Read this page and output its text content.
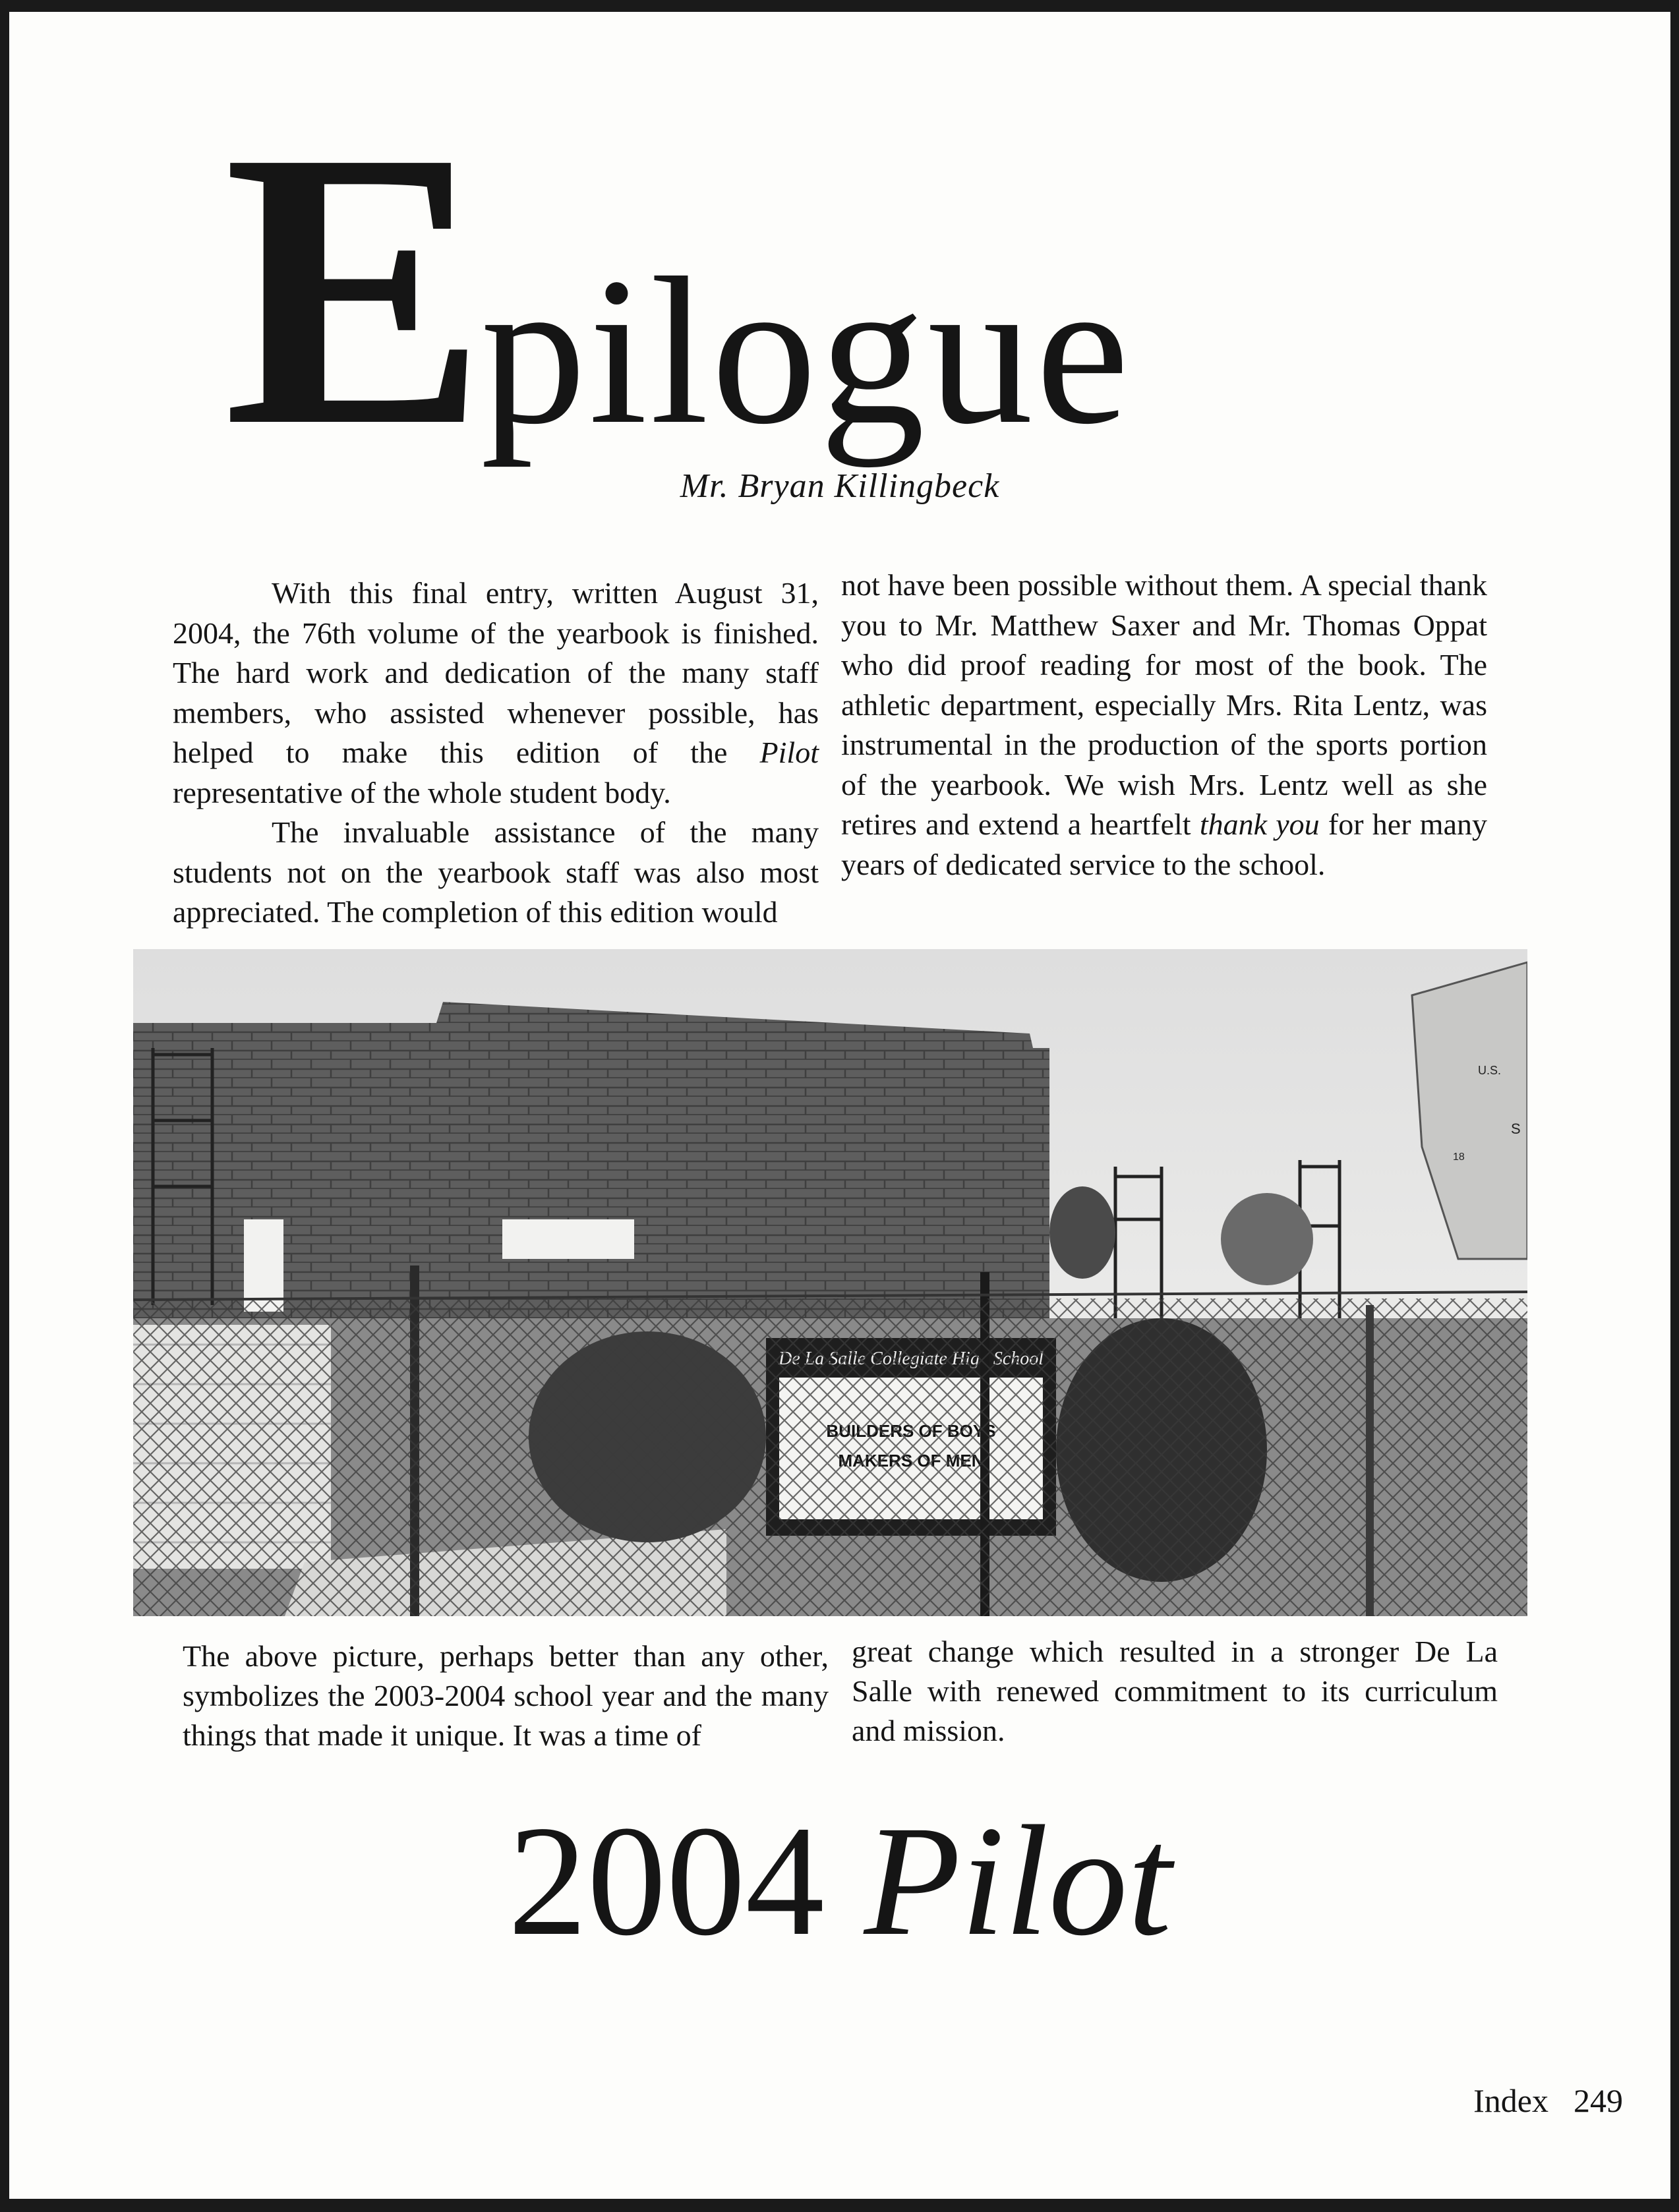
Epilogue
Mr. Bryan Killingbeck

With this final entry, written August 31, 2004, the 76th volume of the yearbook is finished. The hard work and dedication of the many staff members, who assisted whenever possible, has helped to make this edition of the Pilot representative of the whole student body.

The invaluable assistance of the many students not on the yearbook staff was also most appreciated. The completion of this edition would

not have been possible without them. A special thank you to Mr. Matthew Saxer and Mr. Thomas Oppat who did proof reading for most of the book. The athletic department, especially Mrs. Rita Lentz, was instrumental in the production of the sports portion of the yearbook. We wish Mrs. Lentz well as she retires and extend a heartfelt thank you for her many years of dedicated service to the school.

U.S.
S
18
The above picture, perhaps better than any other, symbolizes the 2003-2004 school year and the many things that made it unique. It was a time of
great change which resulted in a stronger De La Salle with renewed commitment to its curriculum and mission.
2004 Pilot
Index 249
